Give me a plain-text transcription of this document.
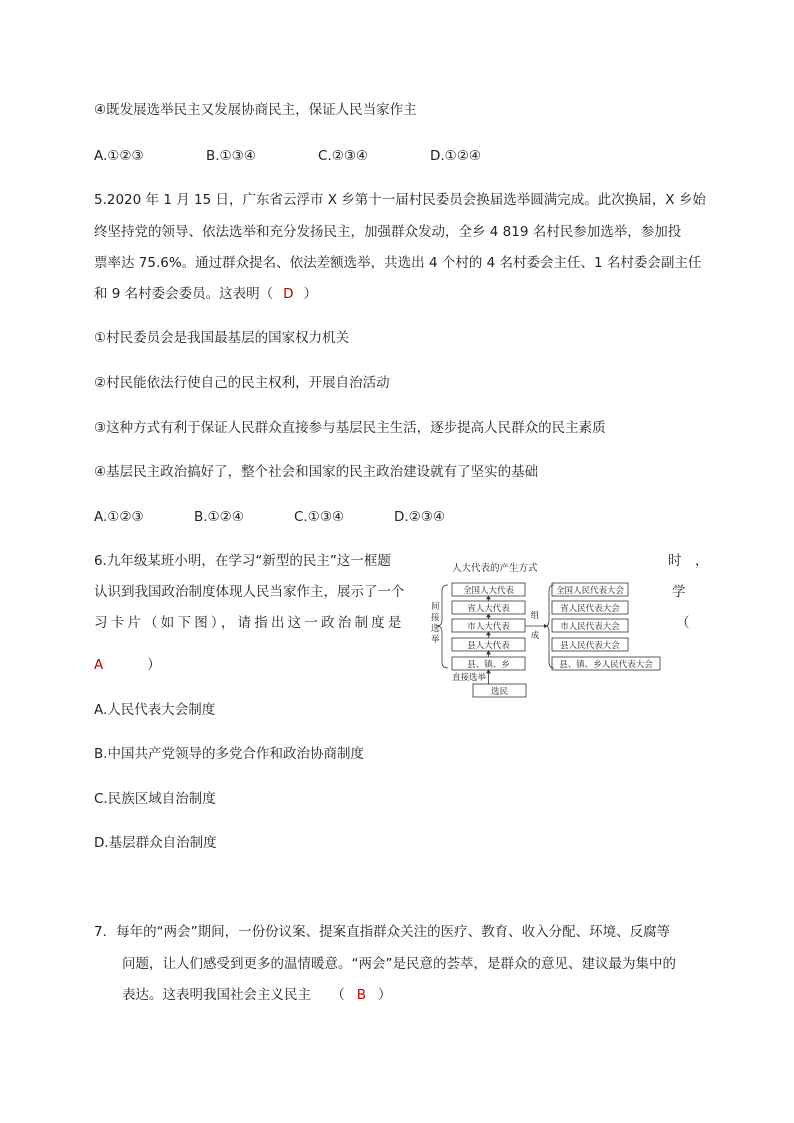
④既发展选举民主又发展协商民主，保证人民当家作主
A.①②③	B.①③④	C.②③④	D.①②④
5.2020 年 1 月 15 日，广东省云浮市 X 乡第十一届村民委员会换届选举圆满完成。此次换届，X 乡始
终坚持党的领导、依法选举和充分发扬民主，加强群众发动，全乡 4 819 名村民参加选举，参加投
票率达 75.6%。通过群众提名、依法差额选举，共选出 4 个村的 4 名村委会主任、1 名村委会副主任
和 9 名村委会委员。这表明（ D ）
①村民委员会是我国最基层的国家权力机关
②村民能依法行使自己的民主权利，开展自治活动
③这种方式有利于保证人民群众直接参与基层民主生活，逐步提高人民群众的民主素质
④基层民主政治搞好了，整个社会和国家的民主政治建设就有了坚实的基础
A.①②③	B.①②④	C.①③④	D.②③④
6.九年级某班小明，在学习“新型的民主”这一框题	时　，
认识到我国政治制度体现人民当家作主，展示了一个	学
习卡片（如下图），请指出这一政治制度是	（
A	）
人大代表的产生方式
全国人大代表
省人大代表
市人大代表
县人大代表
县、镇、乡
间
接
选
举
组
成
全国人民代表大会
省人民代表大会
市人民代表大会
县人民代表大会
县、镇、乡人民代表大会
直接选举
选民
A.人民代表大会制度
B.中国共产党领导的多党合作和政治协商制度
C.民族区域自治制度
D.基层群众自治制度
7．每年的“两会”期间，一份份议案、提案直指群众关注的医疗、教育、收入分配、环境、反腐等
问题，让人们感受到更多的温情暖意。“两会”是民意的荟萃，是群众的意见、建议最为集中的
表达。这表明我国社会主义民主　　（ B ）
